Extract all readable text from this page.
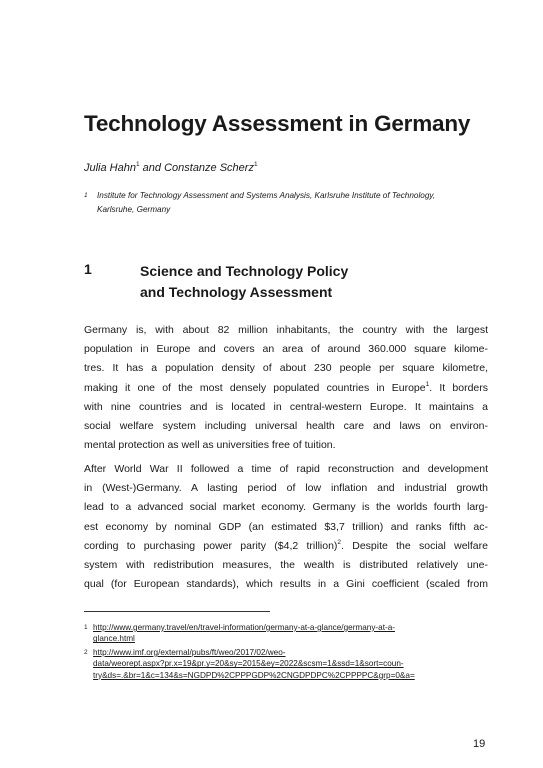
Technology Assessment in Germany
Julia Hahn$^1$ and Constanze Scherz$^1$
1 Institute for Technology Assessment and Systems Analysis, Karlsruhe Institute of Technology,
Karlsruhe, Germany
1	Science and Technology Policy
and Technology Assessment
Germany is, with about 82 million inhabitants, the country with the largest
population in Europe and covers an area of around 360.000 square kilome-
tres. It has a population density of about 230 people per square kilometre,
making it one of the most densely populated countries in Europe$^1$. It borders
with nine countries and is located in central-western Europe. It maintains a
social welfare system including universal health care and laws on environ-
mental protection as well as universities free of tuition.
After World War II followed a time of rapid reconstruction and development
in (West-)Germany. A lasting period of low inflation and industrial growth
lead to a advanced social market economy. Germany is the worlds fourth larg-
est economy by nominal GDP (an estimated $3,7 trillion) and ranks fifth ac-
cording to purchasing power parity ($4,2 trillion)$^2$. Despite the social welfare
system with redistribution measures, the wealth is distributed relatively une-
qual (for European standards), which results in a Gini coefficient (scaled from
1 http://www.germany.travel/en/travel-information/germany-at-a-glance/germany-at-a-
glance.html
2 http://www.imf.org/external/pubs/ft/weo/2017/02/weo-
data/weorept.aspx?pr.x=19&pr.y=20&sy=2015&ey=2022&scsm=1&ssd=1&sort=coun-
try&ds=.&br=1&c=134&s=NGDPD%2CPPPGDP%2CNGDPDPC%2CPPPPC&grp=0&a=
19
